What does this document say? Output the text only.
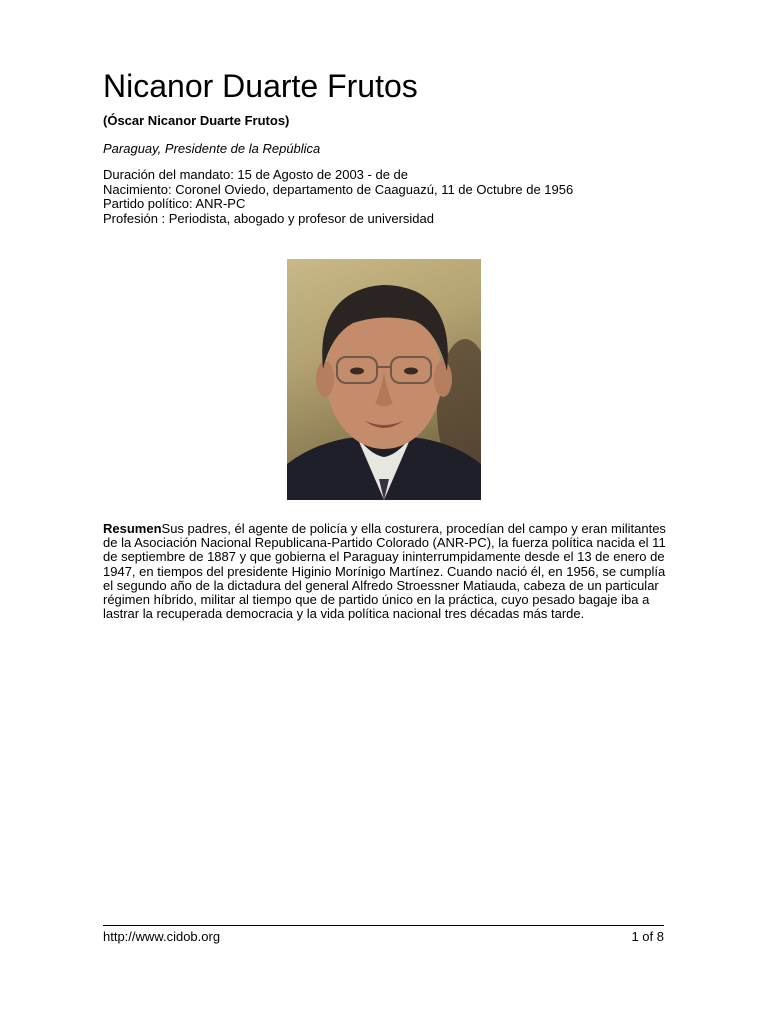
Nicanor Duarte Frutos
(Óscar Nicanor Duarte Frutos)
Paraguay, Presidente de la República
Duración del mandato: 15 de Agosto de 2003 - de de
Nacimiento: Coronel Oviedo, departamento de Caaguazú, 11 de Octubre de 1956
Partido político: ANR-PC
Profesión : Periodista, abogado y profesor de universidad
ResumenSus padres, él agente de policía y ella costurera, procedían del campo y eran militantes de la Asociación Nacional Republicana-Partido Colorado (ANR-PC), la fuerza política nacida el 11 de septiembre de 1887 y que gobierna el Paraguay ininterrumpidamente desde el 13 de enero de 1947, en tiempos del presidente Higinio Morínigo Martínez. Cuando nació él, en 1956, se cumplía el segundo año de la dictadura del general Alfredo Stroessner Matiauda, cabeza de un particular régimen híbrido, militar al tiempo que de partido único en la práctica, cuyo pesado bagaje iba a lastrar la recuperada democracia y la vida política nacional tres décadas más tarde.
http://www.cidob.org	1 of 8
